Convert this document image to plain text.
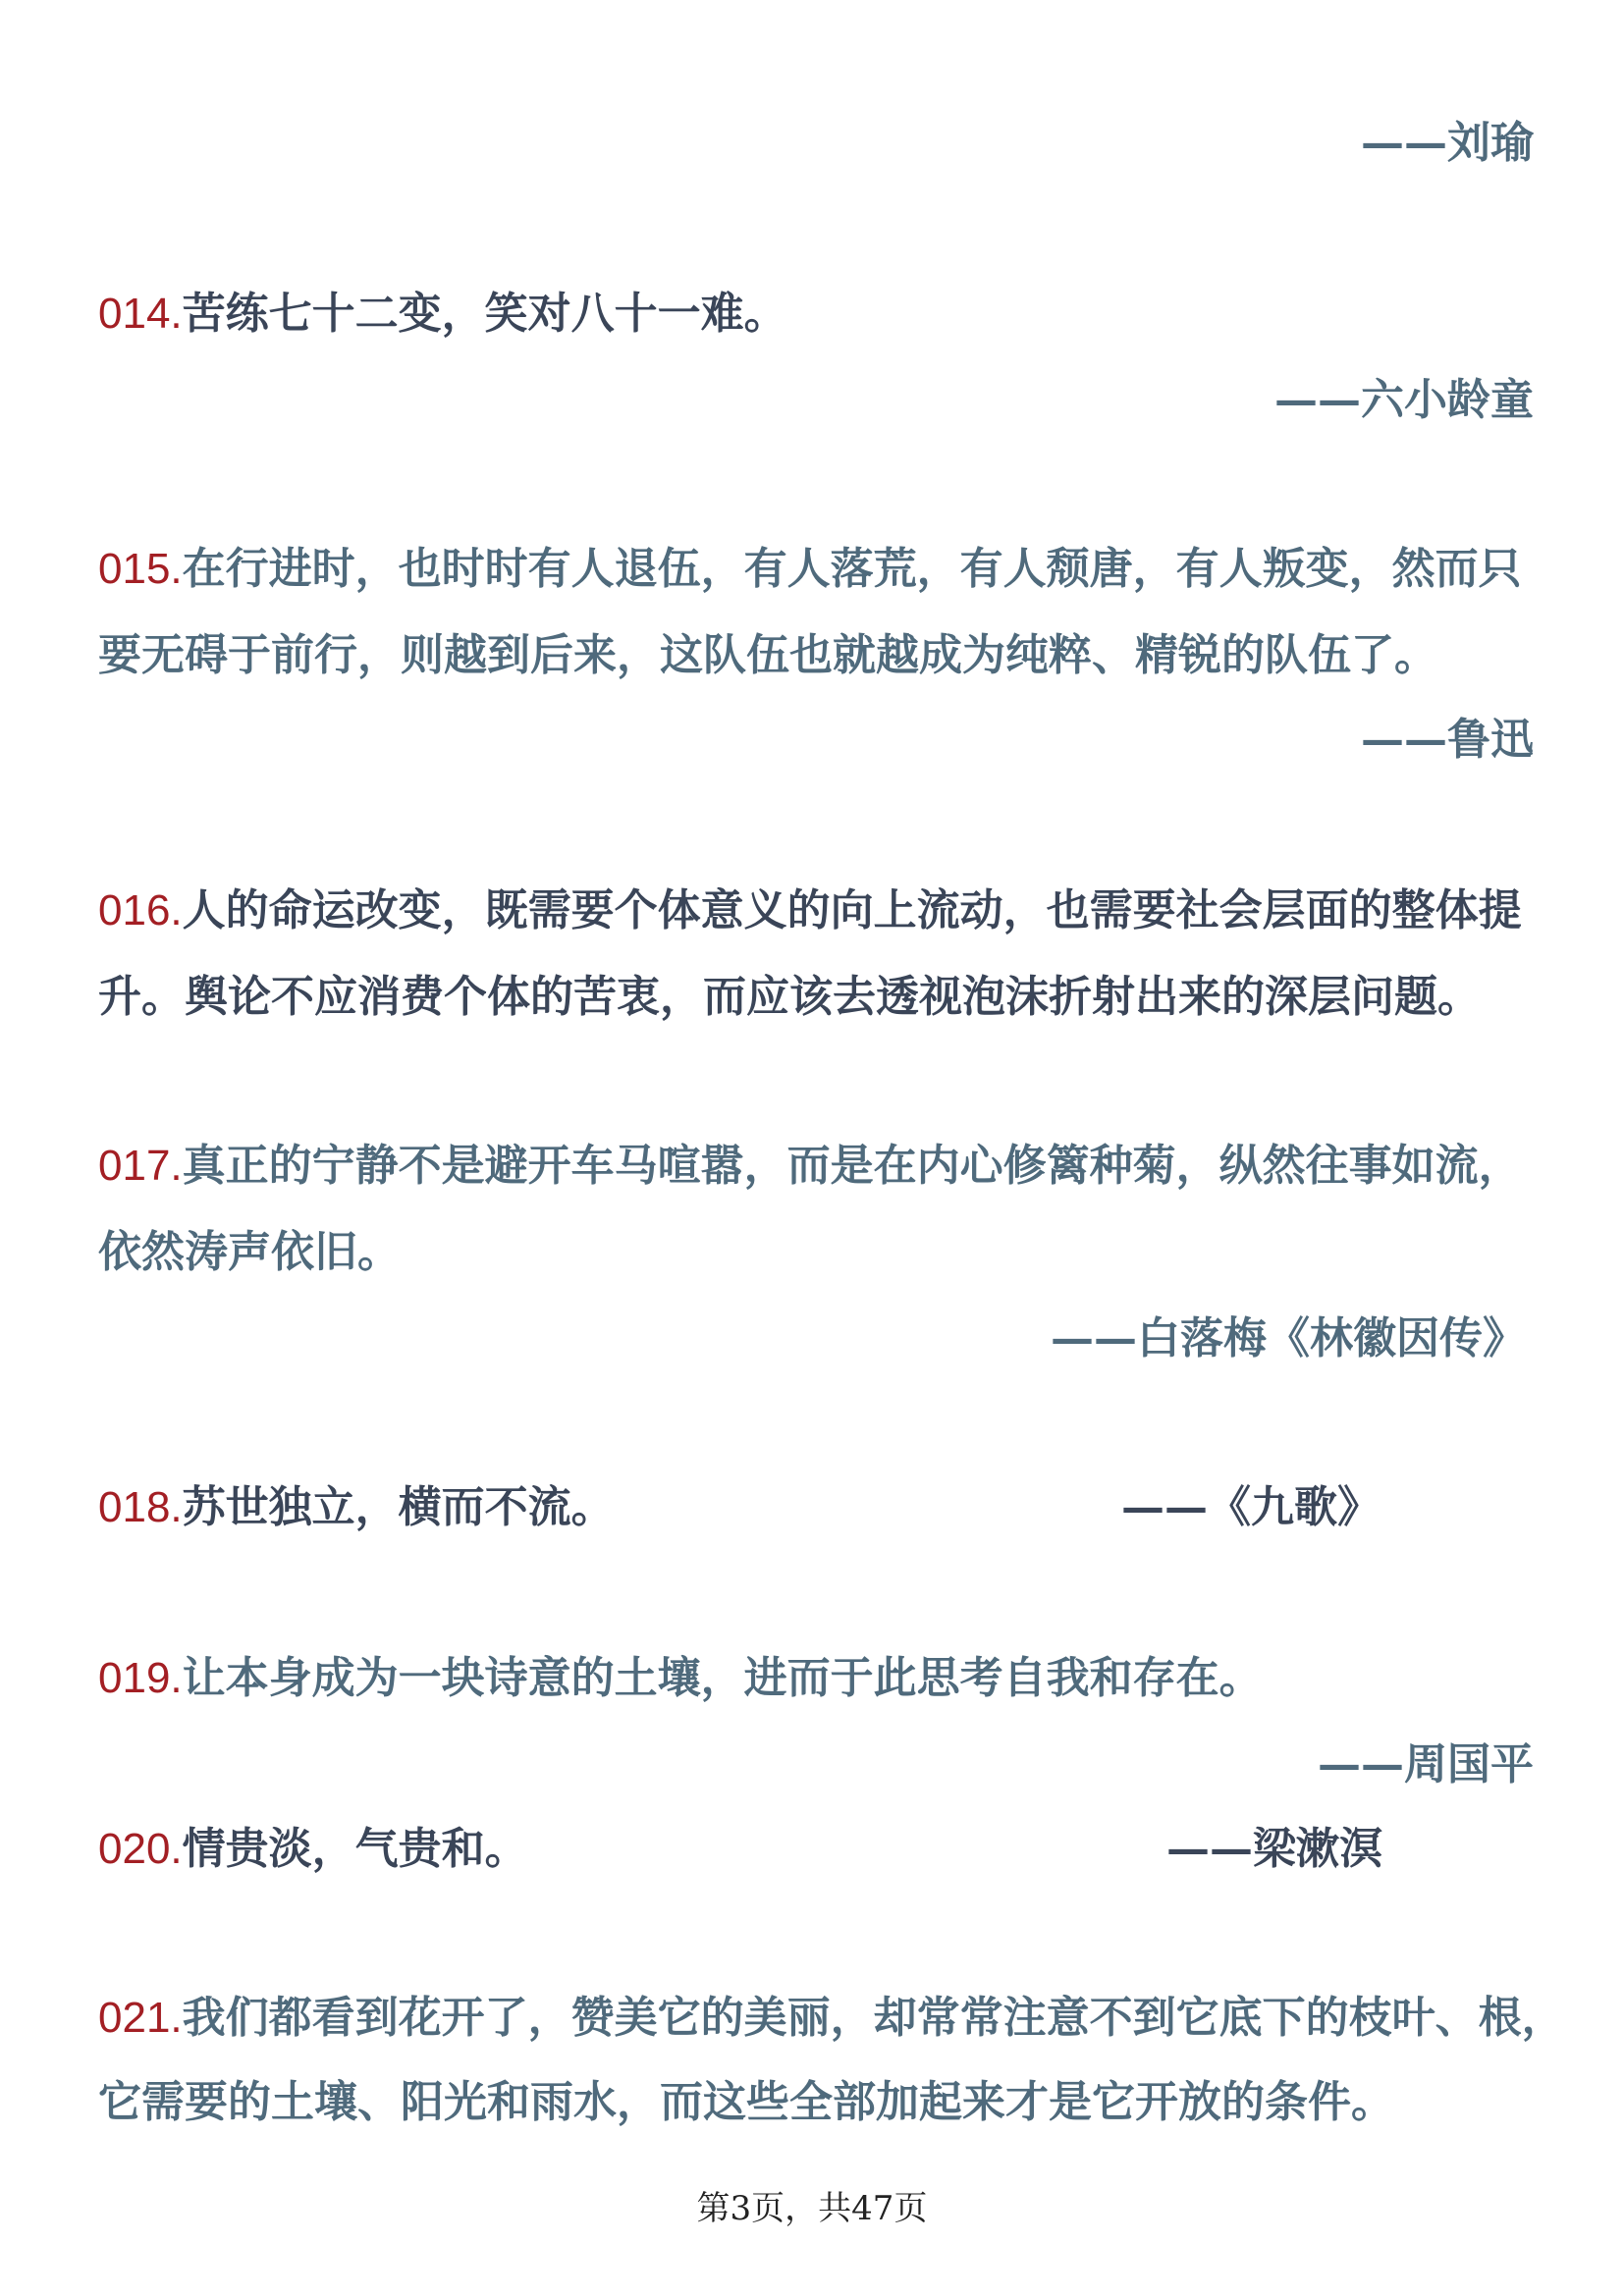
——刘瑜
014.苦练七十二变，笑对八十一难。
——六小龄童
015.在行进时，也时时有人退伍，有人落荒，有人颓唐，有人叛变，然而只
要无碍于前行，则越到后来，这队伍也就越成为纯粹、精锐的队伍了。
——鲁迅
016.人的命运改变，既需要个体意义的向上流动，也需要社会层面的整体提
升。舆论不应消费个体的苦衷，而应该去透视泡沫折射出来的深层问题。
017.真正的宁静不是避开车马喧嚣，而是在内心修篱种菊，纵然往事如流，
依然涛声依旧。
——白落梅《林徽因传》
018.苏世独立，横而不流。	——《九歌》
019.让本身成为一块诗意的土壤，进而于此思考自我和存在。
——周国平
020.情贵淡，气贵和。	——梁漱溟
021.我们都看到花开了，赞美它的美丽，却常常注意不到它底下的枝叶、根，
它需要的土壤、阳光和雨水，而这些全部加起来才是它开放的条件。
第3页，共47页
